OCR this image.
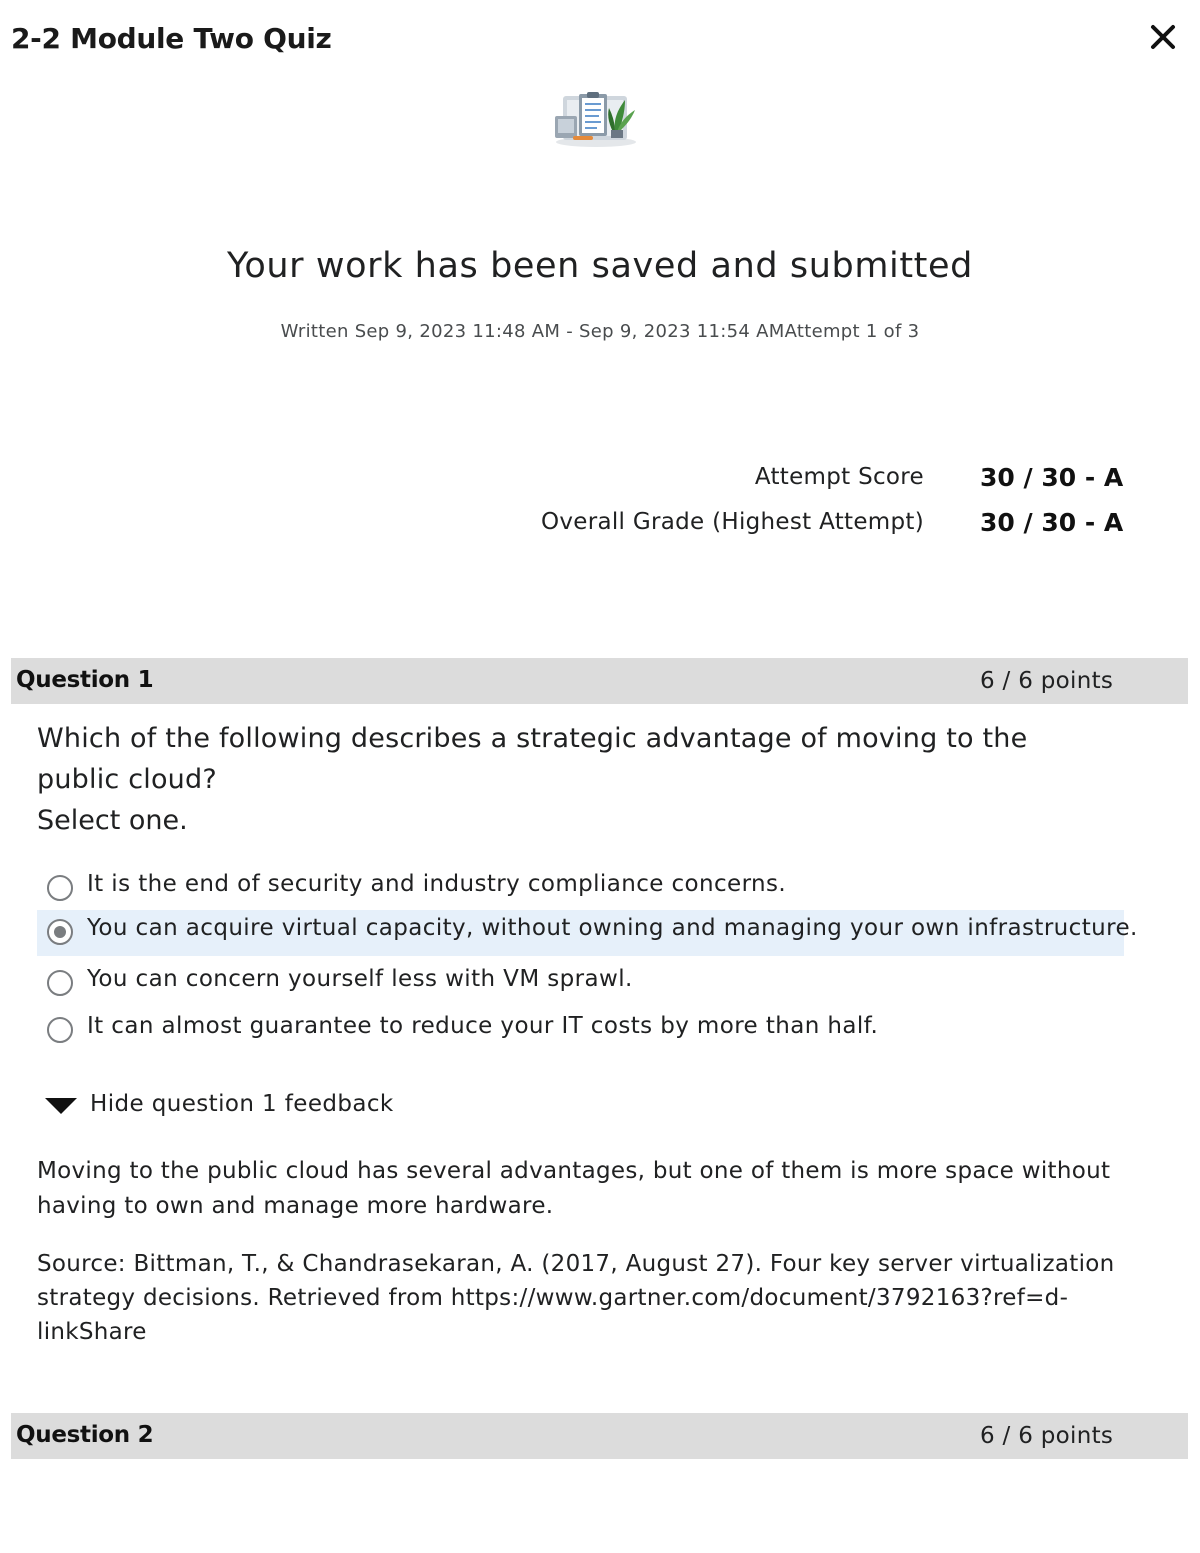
2-2 Module Two Quiz
Your work has been saved and submitted
Written Sep 9, 2023 11:48 AM - Sep 9, 2023 11:54 AMAttempt 1 of 3
Attempt Score 30 / 30 - A
Overall Grade (Highest Attempt) 30 / 30 - A
Question 1	6 / 6 points
Which of the following describes a strategic advantage of moving to the public cloud?
Select one.
It is the end of security and industry compliance concerns.
You can acquire virtual capacity, without owning and managing your own infrastructure.
You can concern yourself less with VM sprawl.
It can almost guarantee to reduce your IT costs by more than half.
Hide question 1 feedback
Moving to the public cloud has several advantages, but one of them is more space without having to own and manage more hardware.
Source: Bittman, T., & Chandrasekaran, A. (2017, August 27). Four key server virtualization strategy decisions. Retrieved from https://www.gartner.com/document/3792163?ref=d-linkShare
Question 2	6 / 6 points
